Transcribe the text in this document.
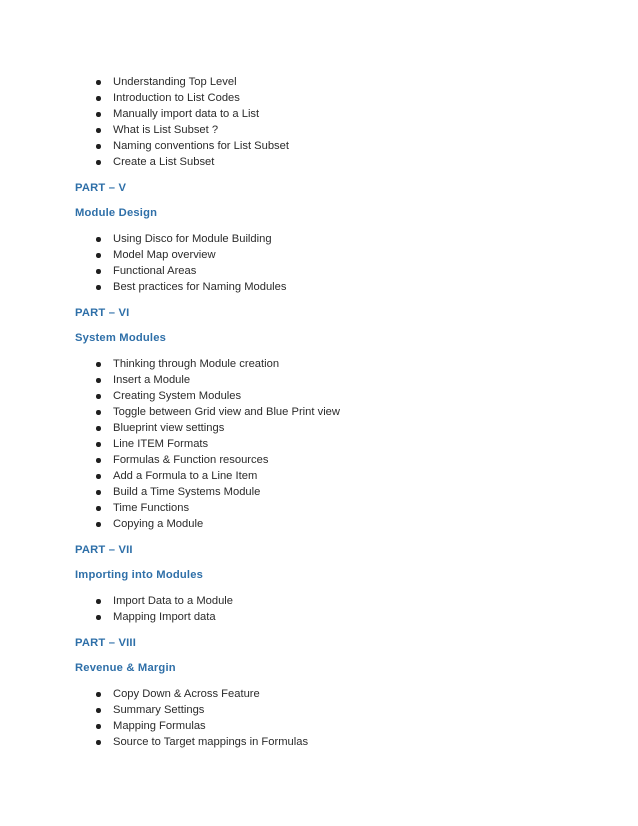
Understanding Top Level
Introduction to List Codes
Manually import data to a List
What is List Subset ?
Naming conventions for List Subset
Create a List Subset

PART – V

Module Design

Using Disco for Module Building
Model Map overview
Functional Areas
Best practices for Naming Modules

PART – VI

System Modules

Thinking through Module creation
Insert a Module
Creating System Modules
Toggle between Grid view and Blue Print view
Blueprint view settings
Line ITEM Formats
Formulas & Function resources
Add a Formula to a Line Item
Build a Time Systems Module
Time Functions
Copying a Module

PART – VII

Importing into Modules

Import Data to a Module
Mapping Import data

PART – VIII

Revenue & Margin

Copy Down & Across Feature
Summary Settings
Mapping Formulas
Source to Target mappings in Formulas
